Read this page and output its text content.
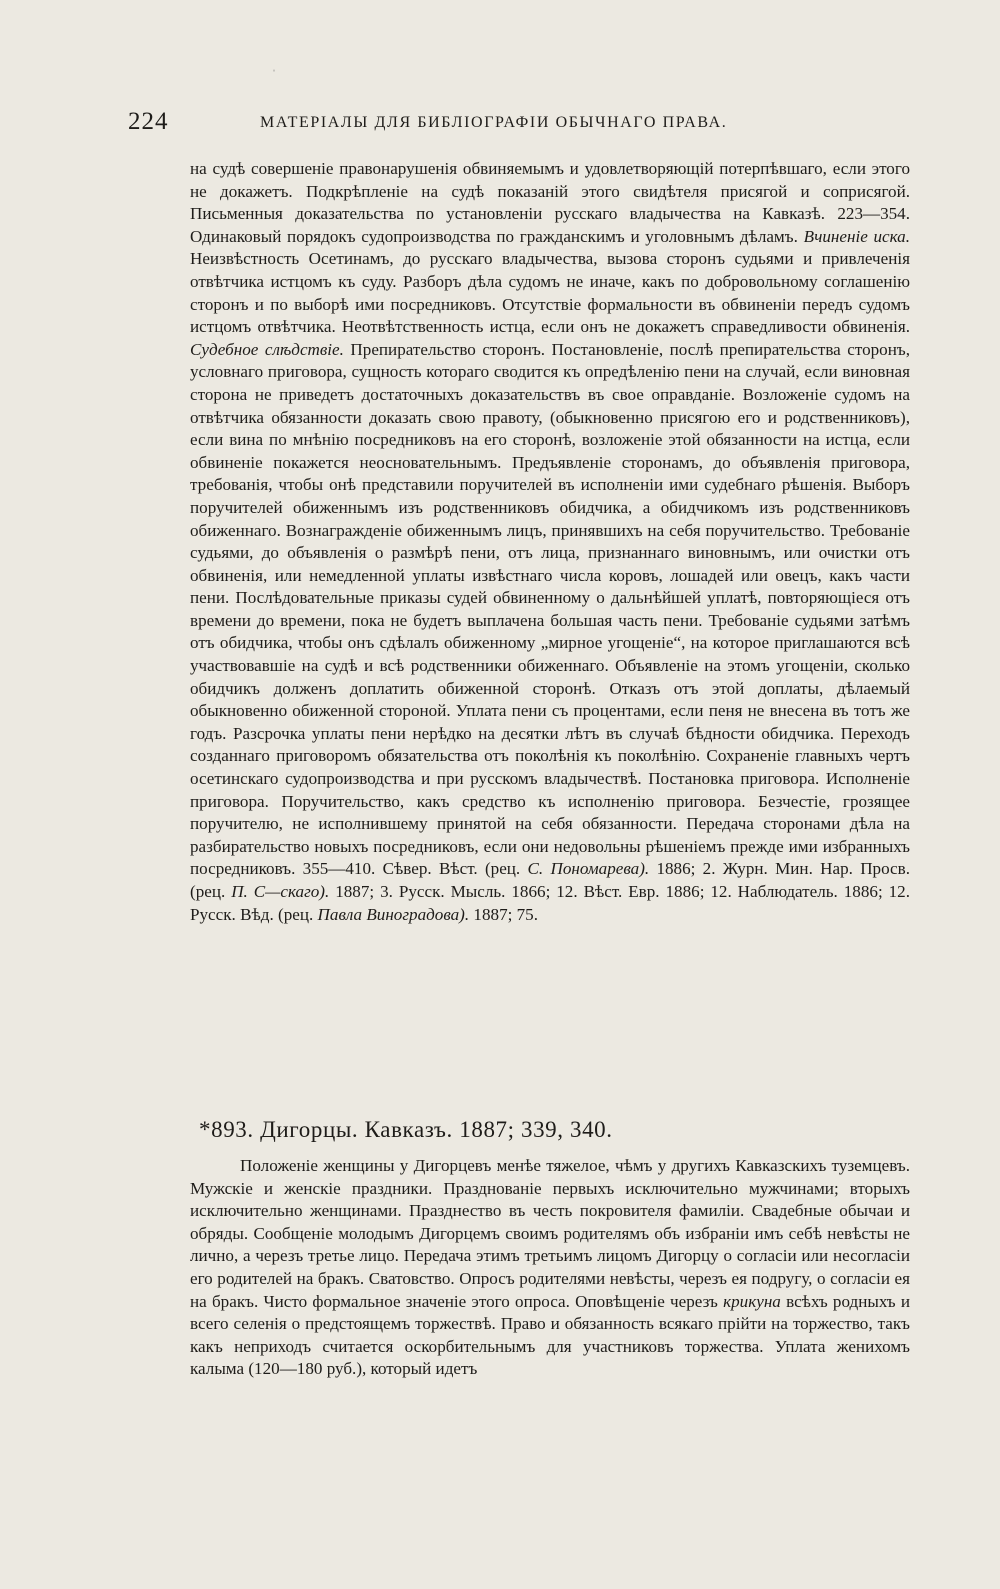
ˌ
224	МАТЕРІАЛЫ ДЛЯ БИБЛІОГРАФІИ ОБЫЧНАГО ПРАВА.

на судѣ совершеніе правонарушенія обвиняемымъ и удовлетворяющій потерпѣвшаго, если этого не докажетъ. Подкрѣпленіе на судѣ показаній этого свидѣтеля присягой и соприсягой. Письменныя доказательства по установленіи русскаго владычества на Кавказѣ. 223—354. Одинаковый порядокъ судопроизводства по гражданскимъ и уголовнымъ дѣламъ. Вчиненіе иска. Неизвѣстность Осетинамъ, до русскаго владычества, вызова сторонъ судьями и привлеченія отвѣтчика истцомъ къ суду. Разборъ дѣла судомъ не иначе, какъ по добровольному соглашенію сторонъ и по выборѣ ими посредниковъ. Отсутствіе формальности въ обвиненіи передъ судомъ истцомъ отвѣтчика. Неотвѣтственность истца, если онъ не докажетъ справедливости обвиненія. Судебное слѣдствіе. Препирательство сторонъ. Постановленіе, послѣ препирательства сторонъ, условнаго приговора, сущность котораго сводится къ опредѣленію пени на случай, если виновная сторона не приведетъ достаточныхъ доказательствъ въ свое оправданіе. Возложеніе судомъ на отвѣтчика обязанности доказать свою правоту, (обыкновенно присягою его и родственниковъ), если вина по мнѣнію посредниковъ на его сторонѣ, возложеніе этой обязанности на истца, если обвиненіе покажется неосновательнымъ. Предъявленіе сторонамъ, до объявленія приговора, требованія, чтобы онѣ представили поручителей въ исполненіи ими судебнаго рѣшенія. Выборъ поручителей обиженнымъ изъ родственниковъ обидчика, а обидчикомъ изъ родственниковъ обиженнаго. Вознагражденіе обиженнымъ лицъ, принявшихъ на себя поручительство. Требованіе судьями, до объявленія о размѣрѣ пени, отъ лица, признаннаго виновнымъ, или очистки отъ обвиненія, или немедленной уплаты извѣстнаго числа коровъ, лошадей или овецъ, какъ части пени. Послѣдовательные приказы судей обвиненному о дальнѣйшей уплатѣ, повторяющіеся отъ времени до времени, пока не будетъ выплачена большая часть пени. Требованіе судьями затѣмъ отъ обидчика, чтобы онъ сдѣлалъ обиженному „мирное угощеніе“, на которое приглашаются всѣ участвовавшіе на судѣ и всѣ родственники обиженнаго. Объявленіе на этомъ угощеніи, сколько обидчикъ долженъ доплатить обиженной сторонѣ. Отказъ отъ этой доплаты, дѣлаемый обыкновенно обиженной стороной. Уплата пени съ процентами, если пеня не внесена въ тотъ же годъ. Разсрочка уплаты пени нерѣдко на десятки лѣтъ въ случаѣ бѣдности обидчика. Переходъ созданнаго приговоромъ обязательства отъ поколѣнія къ поколѣнію. Сохраненіе главныхъ чертъ осетинскаго судопроизводства и при русскомъ владычествѣ. Постановка приговора. Исполненіе приговора. Поручительство, какъ средство къ исполненію приговора. Безчестіе, грозящее поручителю, не исполнившему принятой на себя обязанности. Передача сторонами дѣла на разбирательство новыхъ посредниковъ, если они недовольны рѣшеніемъ прежде ими избранныхъ посредниковъ. 355—410. Сѣвер. Вѣст. (рец. С. Пономарева). 1886; 2. Журн. Мин. Нар. Просв. (рец. П. С—скаго). 1887; 3. Русск. Мысль. 1866; 12. Вѣст. Евр. 1886; 12. Наблюдатель. 1886; 12. Русск. Вѣд. (рец. Павла Виноградова). 1887; 75.

*893. Дигорцы. Кавказъ. 1887; 339, 340.

Положеніе женщины у Дигорцевъ менѣе тяжелое, чѣмъ у другихъ Кавказскихъ туземцевъ. Мужскіе и женскіе праздники. Празднованіе первыхъ исключительно мужчинами; вторыхъ исключительно женщинами. Празднество въ честь покровителя фамиліи. Свадебные обычаи и обряды. Сообщеніе молодымъ Дигорцемъ своимъ родителямъ объ избраніи имъ себѣ невѣсты не лично, а черезъ третье лицо. Передача этимъ третьимъ лицомъ Дигорцу о согласіи или несогласіи его родителей на бракъ. Сватовство. Опросъ родителями невѣсты, черезъ ея подругу, о согласіи ея на бракъ. Чисто формальное значеніе этого опроса. Оповѣщеніе черезъ крикуна всѣхъ родныхъ и всего селенія о предстоящемъ торжествѣ. Право и обязанность всякаго прійти на торжество, такъ какъ неприходъ считается оскорбительнымъ для участниковъ торжества. Уплата женихомъ калыма (120—180 руб.), который идетъ
